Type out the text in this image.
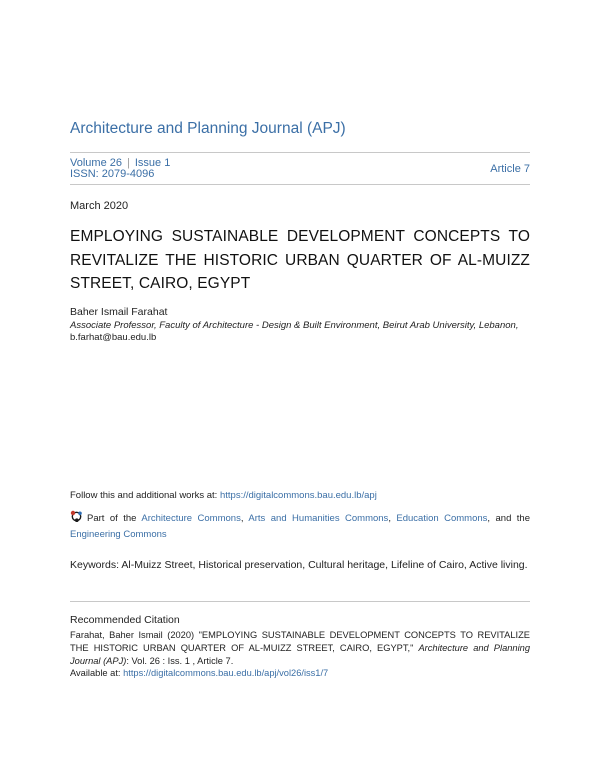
Architecture and Planning Journal (APJ)
Volume 26 | Issue 1
ISSN: 2079-4096	Article 7
March 2020
EMPLOYING SUSTAINABLE DEVELOPMENT CONCEPTS TO REVITALIZE THE HISTORIC URBAN QUARTER OF AL-MUIZZ STREET, CAIRO, EGYPT
Baher Ismail Farahat
Associate Professor, Faculty of Architecture - Design & Built Environment, Beirut Arab University, Lebanon,
b.farhat@bau.edu.lb
Follow this and additional works at: https://digitalcommons.bau.edu.lb/apj
Part of the Architecture Commons, Arts and Humanities Commons, Education Commons, and the Engineering Commons
Keywords: Al-Muizz Street, Historical preservation, Cultural heritage, Lifeline of Cairo, Active living.
Recommended Citation
Farahat, Baher Ismail (2020) "EMPLOYING SUSTAINABLE DEVELOPMENT CONCEPTS TO REVITALIZE THE HISTORIC URBAN QUARTER OF AL-MUIZZ STREET, CAIRO, EGYPT," Architecture and Planning Journal (APJ): Vol. 26 : Iss. 1 , Article 7.
Available at: https://digitalcommons.bau.edu.lb/apj/vol26/iss1/7
